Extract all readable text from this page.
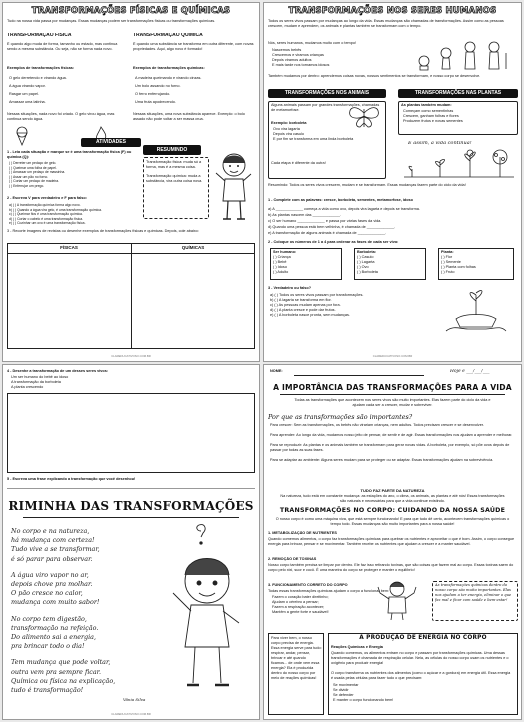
TRANSFORMAÇÕES FÍSICAS E QUÍMICAS
Tudo na nossa vida passa por mudanças. Essas mudanças podem ser transformações físicas ou transformações químicas.
TRANSFORMAÇÃO FÍSICA
É quando algo muda de forma, tamanho ou estado, mas continua sendo a mesma substância. Ou seja, não se forma nada novo.
Exemplos de transformações físicas:
O gelo derretendo e virando água.
A água virando vapor.
Rasgar um papel.
Amassar uma latinha.
Nessas situações, nada novo foi criado. O gelo virou água, mas continua sendo água.
TRANSFORMAÇÃO QUÍMICA
É quando uma substância se transforma em outra diferente, com novas propriedades. Aqui, algo novo é formado!
Exemplos de transformações químicas:
A madeira queimando e virando cinzas.
Um bolo assando no forno.
O ferro enferrujando.
Uma fruta apodrecendo.
Nessas situações, uma nova substância aparece. Exemplo: o bolo assado não pode voltar a ser massa crua.
ATIVIDADES
1 - Leia cada situação e marque se é uma transformação física (F) ou química (Q):
( ) Derreter um pedaço de gelo.
( ) Queimar uma folha de papel.
( ) Amassar um pedaço de massinha.
( ) Assar um pão no forno.
( ) Cortar um pedaço de madeira.
( ) Enferrujar um prego.
RESUMINDO
Transformação física: muda só a forma, mas é a mesma coisa.
Transformação química: muda a substância, vira outra coisa nova.
2 - Escreva V para verdadeiro e F para falso:
a) ( ) A transformação química forma algo novo.
b) ( ) Quando a água vira gelo, é uma transformação química.
c) ( ) Queimar fios é uma transformação química.
d) ( ) Cortar o cabelo é uma transformação física.
e) ( ) Cozinhar um ovo é uma transformação física.
3 - Recorte imagens de revistas ou desenhe exemplos de transformações físicas e químicas. Depois, cole abaixo:
FÍSICAS	QUÍMICAS
CLAREDUCATIVOSO.COM.BR
TRANSFORMAÇÕES NOS SERES HUMANOS
Todos os seres vivos passam por mudanças ao longo da vida. Essas mudanças são chamadas de transformações. Assim como as pessoas crescem, mudam e aprendem, os animais e plantas também se transformam com o tempo.
Nós, seres humanos, mudamos muito com o tempo!
Nascemos bebês
Crescemos e viramos crianças
Depois viramos adultos
E mais tarde nos tornamos idosos
Também mudamos por dentro: aprendemos coisas novas, nossos sentimentos se transformam, e nosso corpo se desenvolve.
TRANSFORMAÇÕES NOS ANIMAIS	TRANSFORMAÇÕES NAS PLANTAS
Alguns animais passam por grandes transformações, chamadas de metamorfose.
Exemplo: borboleta
Ovo vira lagarta
Depois vira casulo
E por fim se transforma em uma linda borboleta
Cada etapa é diferente da outra!
As plantas também mudam:
Começam como sementinhas
Crescem, ganham folhas e flores
Produzem frutos e novas sementes
E assim, a vida continua!
Resumindo: Todos os seres vivos crescem, mudam e se transformam. Essas mudanças fazem parte do ciclo da vida!
1 - Complete com as palavras: cresce, borboleta, sementes, metamorfose, idoso
a) A _____________ começa a vida como ovo, depois vira lagarta e depois se transforma.
b) As plantas nascem das _____________.
c) O ser humano _____________ e passa por várias fases da vida.
d) Quando uma pessoa está bem velhinha, é chamada de _____________.
e) A transformação de alguns animais é chamada de _____________.
2 - Coloque os números de 1 a 4 para ordenar as fases de cada ser vivo:
Ser humano:
( ) Criança
( ) Bebê
( ) Idoso
( ) Adulto
Borboleta:
( ) Casulo
( ) Lagarta
( ) Ovo
( ) Borboleta
Planta:
( ) Flor
( ) Semente
( ) Planta com folhas
( ) Fruto
3 - Verdadeiro ou falso?
a) ( ) Todos os seres vivos passam por transformações.
b) ( ) A lagarta se transforma em flor.
c) ( ) As pessoas mudam apenas por fora.
d) ( ) A planta cresce e pode dar frutos.
e) ( ) A borboleta nasce pronta, sem mudanças.
CLAREDUCATIVOSO.COM.BR
4 - Desenhe a transformação de um desses seres vivos:
Um ser humano do bebê ao idoso
A transformação da borboleta
A planta crescendo
5 - Escreva uma frase explicando a transformação que você desenhou!
RIMINHA DAS TRANSFORMAÇÕES
No corpo e na natureza,
há mudança com certeza!
Tudo vive a se transformar,
é só parar para observar.
A água viro vapor no ar,
depois chove pra molhar.
O pão cresce no calor,
mudança com muito sabor!
No corpo tem digestão,
transformação na refeição.
Do alimento sai a energia,
pra brincar todo o dia!
Tem mudança que pode voltar,
outra vem pra sempre ficar.
Química ou física na explicação,
tudo é transformação!
Vânia Silva
CLAREDUCATIVOSO.COM.BR
NOME:	Hoje é ___/___/___
A IMPORTÂNCIA DAS TRANSFORMAÇÕES PARA A VIDA
Todas as transformações que acontecem nos seres vivos são muito importantes. Elas fazem parte do ciclo da vida e ajudam cada ser a crescer, mudar e sobreviver.
Por que as transformações são importantes?
Para crescer: Sem as transformações, os bebês não virariam crianças, nem adultos. Todos precisam crescer e se desenvolver.
Para aprender: Ao longo da vida, mudamos nosso jeito de pensar, de sentir e de agir. Essas transformações nos ajudam a aprender e melhorar.
Para se reproduzir: As plantas e os animais também se transformam para gerar novas vidas. A borboleta, por exemplo, só põe ovos depois de passar por todas as suas fases.
Para se adaptar ao ambiente: Alguns seres mudam para se proteger ou se adaptar. Essas transformações ajudam na sobrevivência.
TUDO FAZ PARTE DA NATUREZA
Na natureza, tudo está em constante mudança: as estações do ano, o clima, os animais, as plantas e até nós! Essas transformações são naturais e necessárias para que a vida continue existindo.
TRANSFORMAÇÕES NO CORPO: CUIDANDO DA NOSSA SAÚDE
O nosso corpo é como uma máquina viva, que está sempre funcionando! E para que tudo dê certo, acontecem transformações químicas o tempo todo. Essas mudanças são muito importantes para a nossa saúde!
1. METABOLIZAÇÃO DE NUTRIENTES
Quando comemos alimentos, o corpo faz transformações químicas para quebrar os nutrientes e aproveitar o que é bom. Assim, o corpo consegue energia para brincar, pensar e se movimentar. Também recebe os nutrientes que ajudam a crescer e a manter saudável.
2. REMOÇÃO DE TOXINAS
Nosso corpo também precisa se limpar por dentro. Ele faz isso retirando toxinas, que são coisas que fazem mal ao corpo. Essas toxinas saem do corpo pelo xixi, suor e cocô. É uma maneira do corpo se proteger e manter o equilíbrio!
3. FUNCIONAMENTO CORRETO DO CORPO
Todas essas transformações químicas ajudam o corpo a funcionar bem:
Fazem o coração bater direitinho;
Ajudam o cérebro a pensar;
Fazem a respiração acontecer;
Mantêm a gente forte e saudável!
As transformações químicas dentro do nosso corpo são muito importantes. Elas nos ajudam a ter energia, eliminar o que faz mal e ficar com saúde e bem-estar!
Para viver bem, o nosso corpo precisa de energia. Essa energia serve para tudo: respirar, andar, pensar, brincar e até quando ficamos... de onde vem essa energia? Ela é produzida dentro do nosso corpo por meio de reações químicas!
A PRODUÇÃO DE ENERGIA NO CORPO
Reações Químicas e Energia
Quando comemos, os alimentos entram no corpo e passam por transformações químicas. Uma dessas transformações é chamada de respiração celular. Nela, as células do nosso corpo usam os nutrientes e o oxigênio para produzir energia!
O corpo transforma os nutrientes dos alimentos (como o açúcar e a gordura) em energia útil. Essa energia é usada pelas células para fazer tudo o que precisam:
Se movimentar
Se dividir
Se defender
E manter o corpo funcionando bem!
